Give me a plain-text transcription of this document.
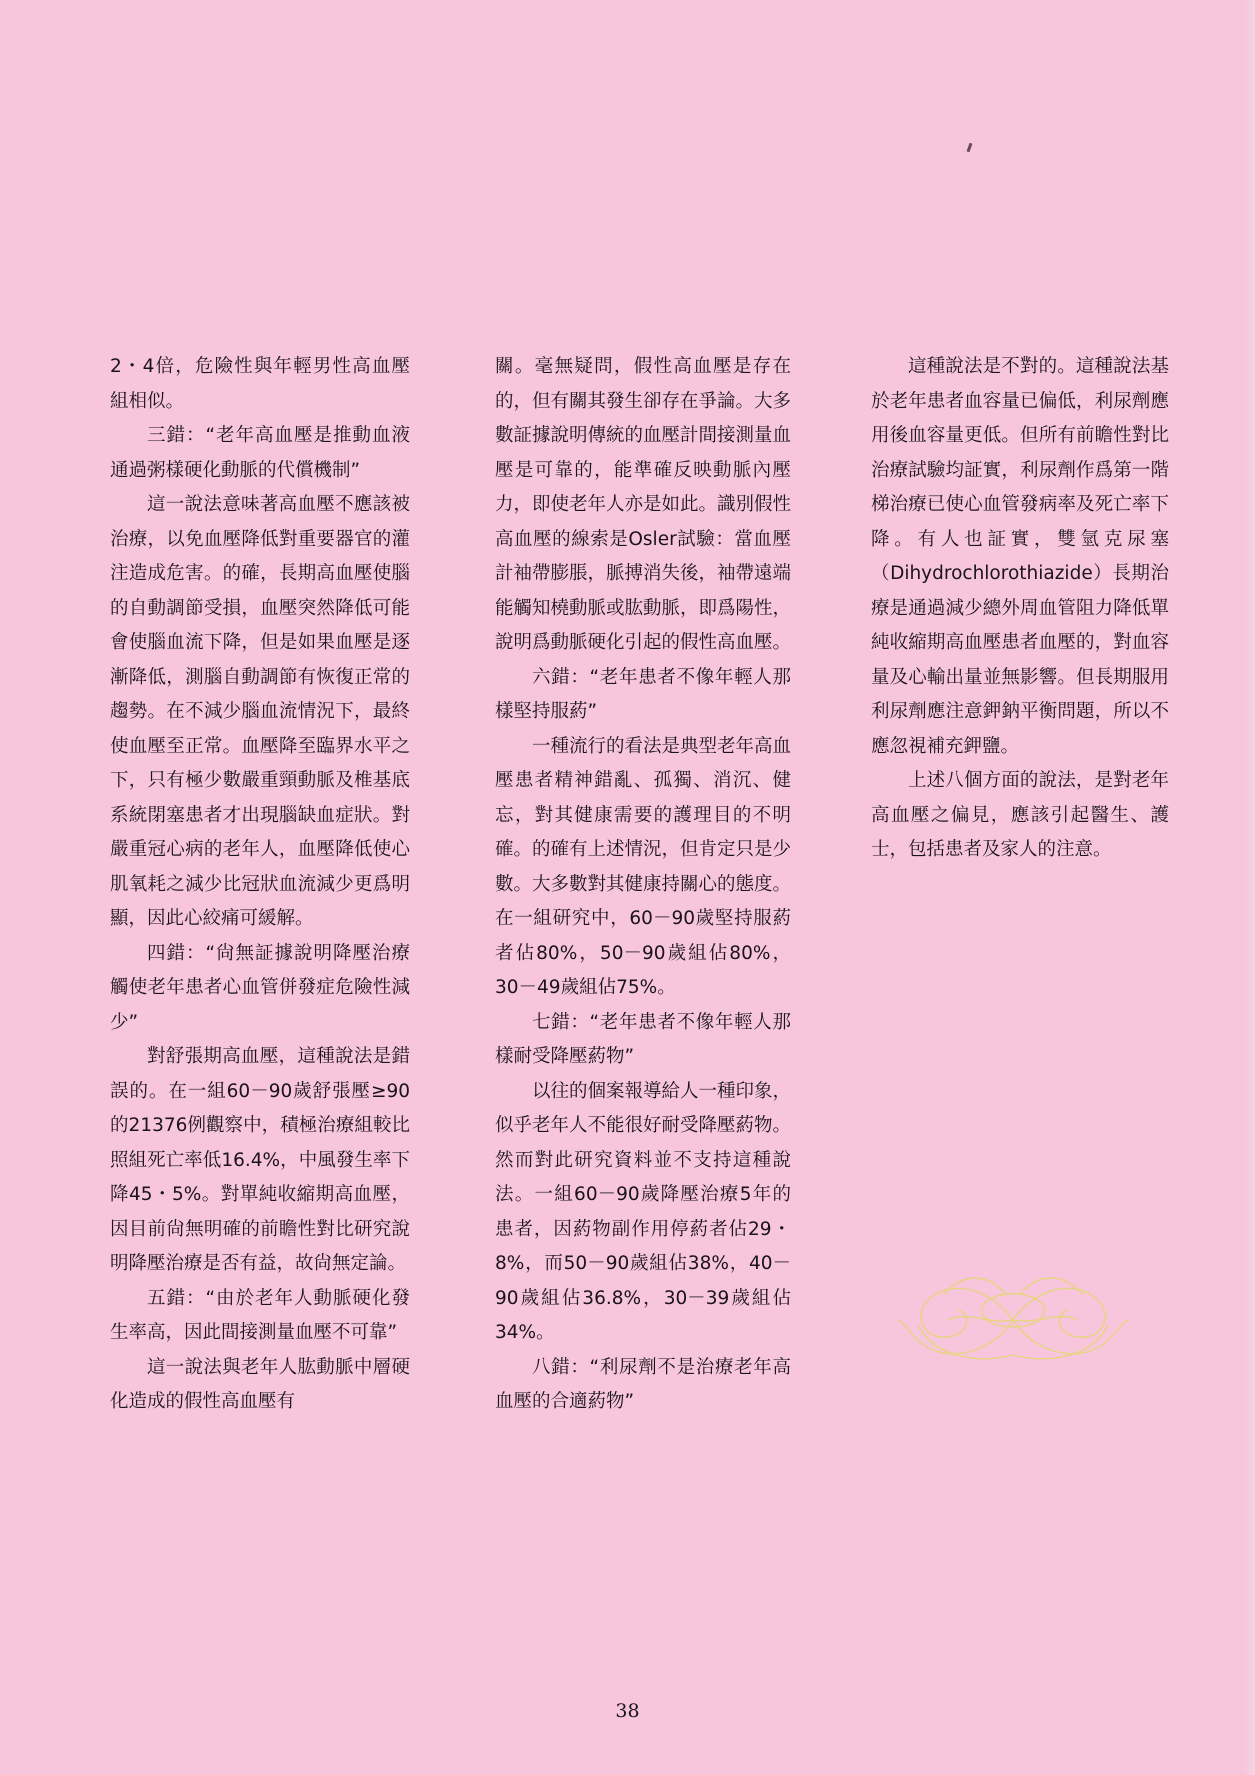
2・4倍，危險性與年輕男性高血壓組相似。

三錯：“老年高血壓是推動血液通過粥樣硬化動脈的代償機制”

這一說法意味著高血壓不應該被治療，以免血壓降低對重要器官的灌注造成危害。的確，長期高血壓使腦的自動調節受損，血壓突然降低可能會使腦血流下降，但是如果血壓是逐漸降低，測腦自動調節有恢復正常的趨勢。在不減少腦血流情況下，最終使血壓至正常。血壓降至臨界水平之下，只有極少數嚴重頸動脈及椎基底系統閉塞患者才出現腦缺血症狀。對嚴重冠心病的老年人，血壓降低使心肌氧耗之減少比冠狀血流減少更爲明顯，因此心絞痛可緩解。

四錯：“尙無証據說明降壓治療觸使老年患者心血管併發症危險性減少”

對舒張期高血壓，這種說法是錯誤的。在一組60－90歲舒張壓≥90的21376例觀察中，積極治療組較比照組死亡率低16.4%，中風發生率下降45・5%。對單純收縮期高血壓，因目前尙無明確的前瞻性對比研究說明降壓治療是否有益，故尙無定論。

五錯：“由於老年人動脈硬化發生率高，因此間接測量血壓不可靠”

這一說法與老年人肱動脈中層硬化造成的假性高血壓有

關。毫無疑問，假性高血壓是存在的，但有關其發生卻存在爭論。大多數証據說明傳統的血壓計間接測量血壓是可靠的，能準確反映動脈內壓力，即使老年人亦是如此。識別假性高血壓的線索是Osler試驗：當血壓計袖帶膨脹，脈搏消失後，袖帶遠端能觸知橈動脈或肱動脈，即爲陽性，說明爲動脈硬化引起的假性高血壓。

六錯：“老年患者不像年輕人那樣堅持服葯”

一種流行的看法是典型老年高血壓患者精神錯亂、孤獨、消沉、健忘，對其健康需要的護理目的不明確。的確有上述情況，但肯定只是少數。大多數對其健康持關心的態度。在一組研究中，60－90歲堅持服葯者佔80%，50－90歲組佔80%，30－49歲組佔75%。

七錯：“老年患者不像年輕人那樣耐受降壓葯物”

以往的個案報導給人一種印象，似乎老年人不能很好耐受降壓葯物。然而對此研究資料並不支持這種說法。一組60－90歲降壓治療5年的患者，因葯物副作用停葯者佔29・8%，而50－90歲組佔38%，40－90歲組佔36.8%，30－39歲組佔34%。

八錯：“利尿劑不是治療老年高血壓的合適葯物”

這種說法是不對的。這種說法基於老年患者血容量已偏低，利尿劑應用後血容量更低。但所有前瞻性對比治療試驗均証實，利尿劑作爲第一階梯治療已使心血管發病率及死亡率下降。有人也証實，雙氫克尿塞（Dihydrochlorothiazide）長期治療是通過減少總外周血管阻力降低單純收縮期高血壓患者血壓的，對血容量及心輸出量並無影響。但長期服用利尿劑應注意鉀鈉平衡問題，所以不應忽視補充鉀鹽。

上述八個方面的說法，是對老年高血壓之偏見，應該引起醫生、護士，包括患者及家人的注意。

38
